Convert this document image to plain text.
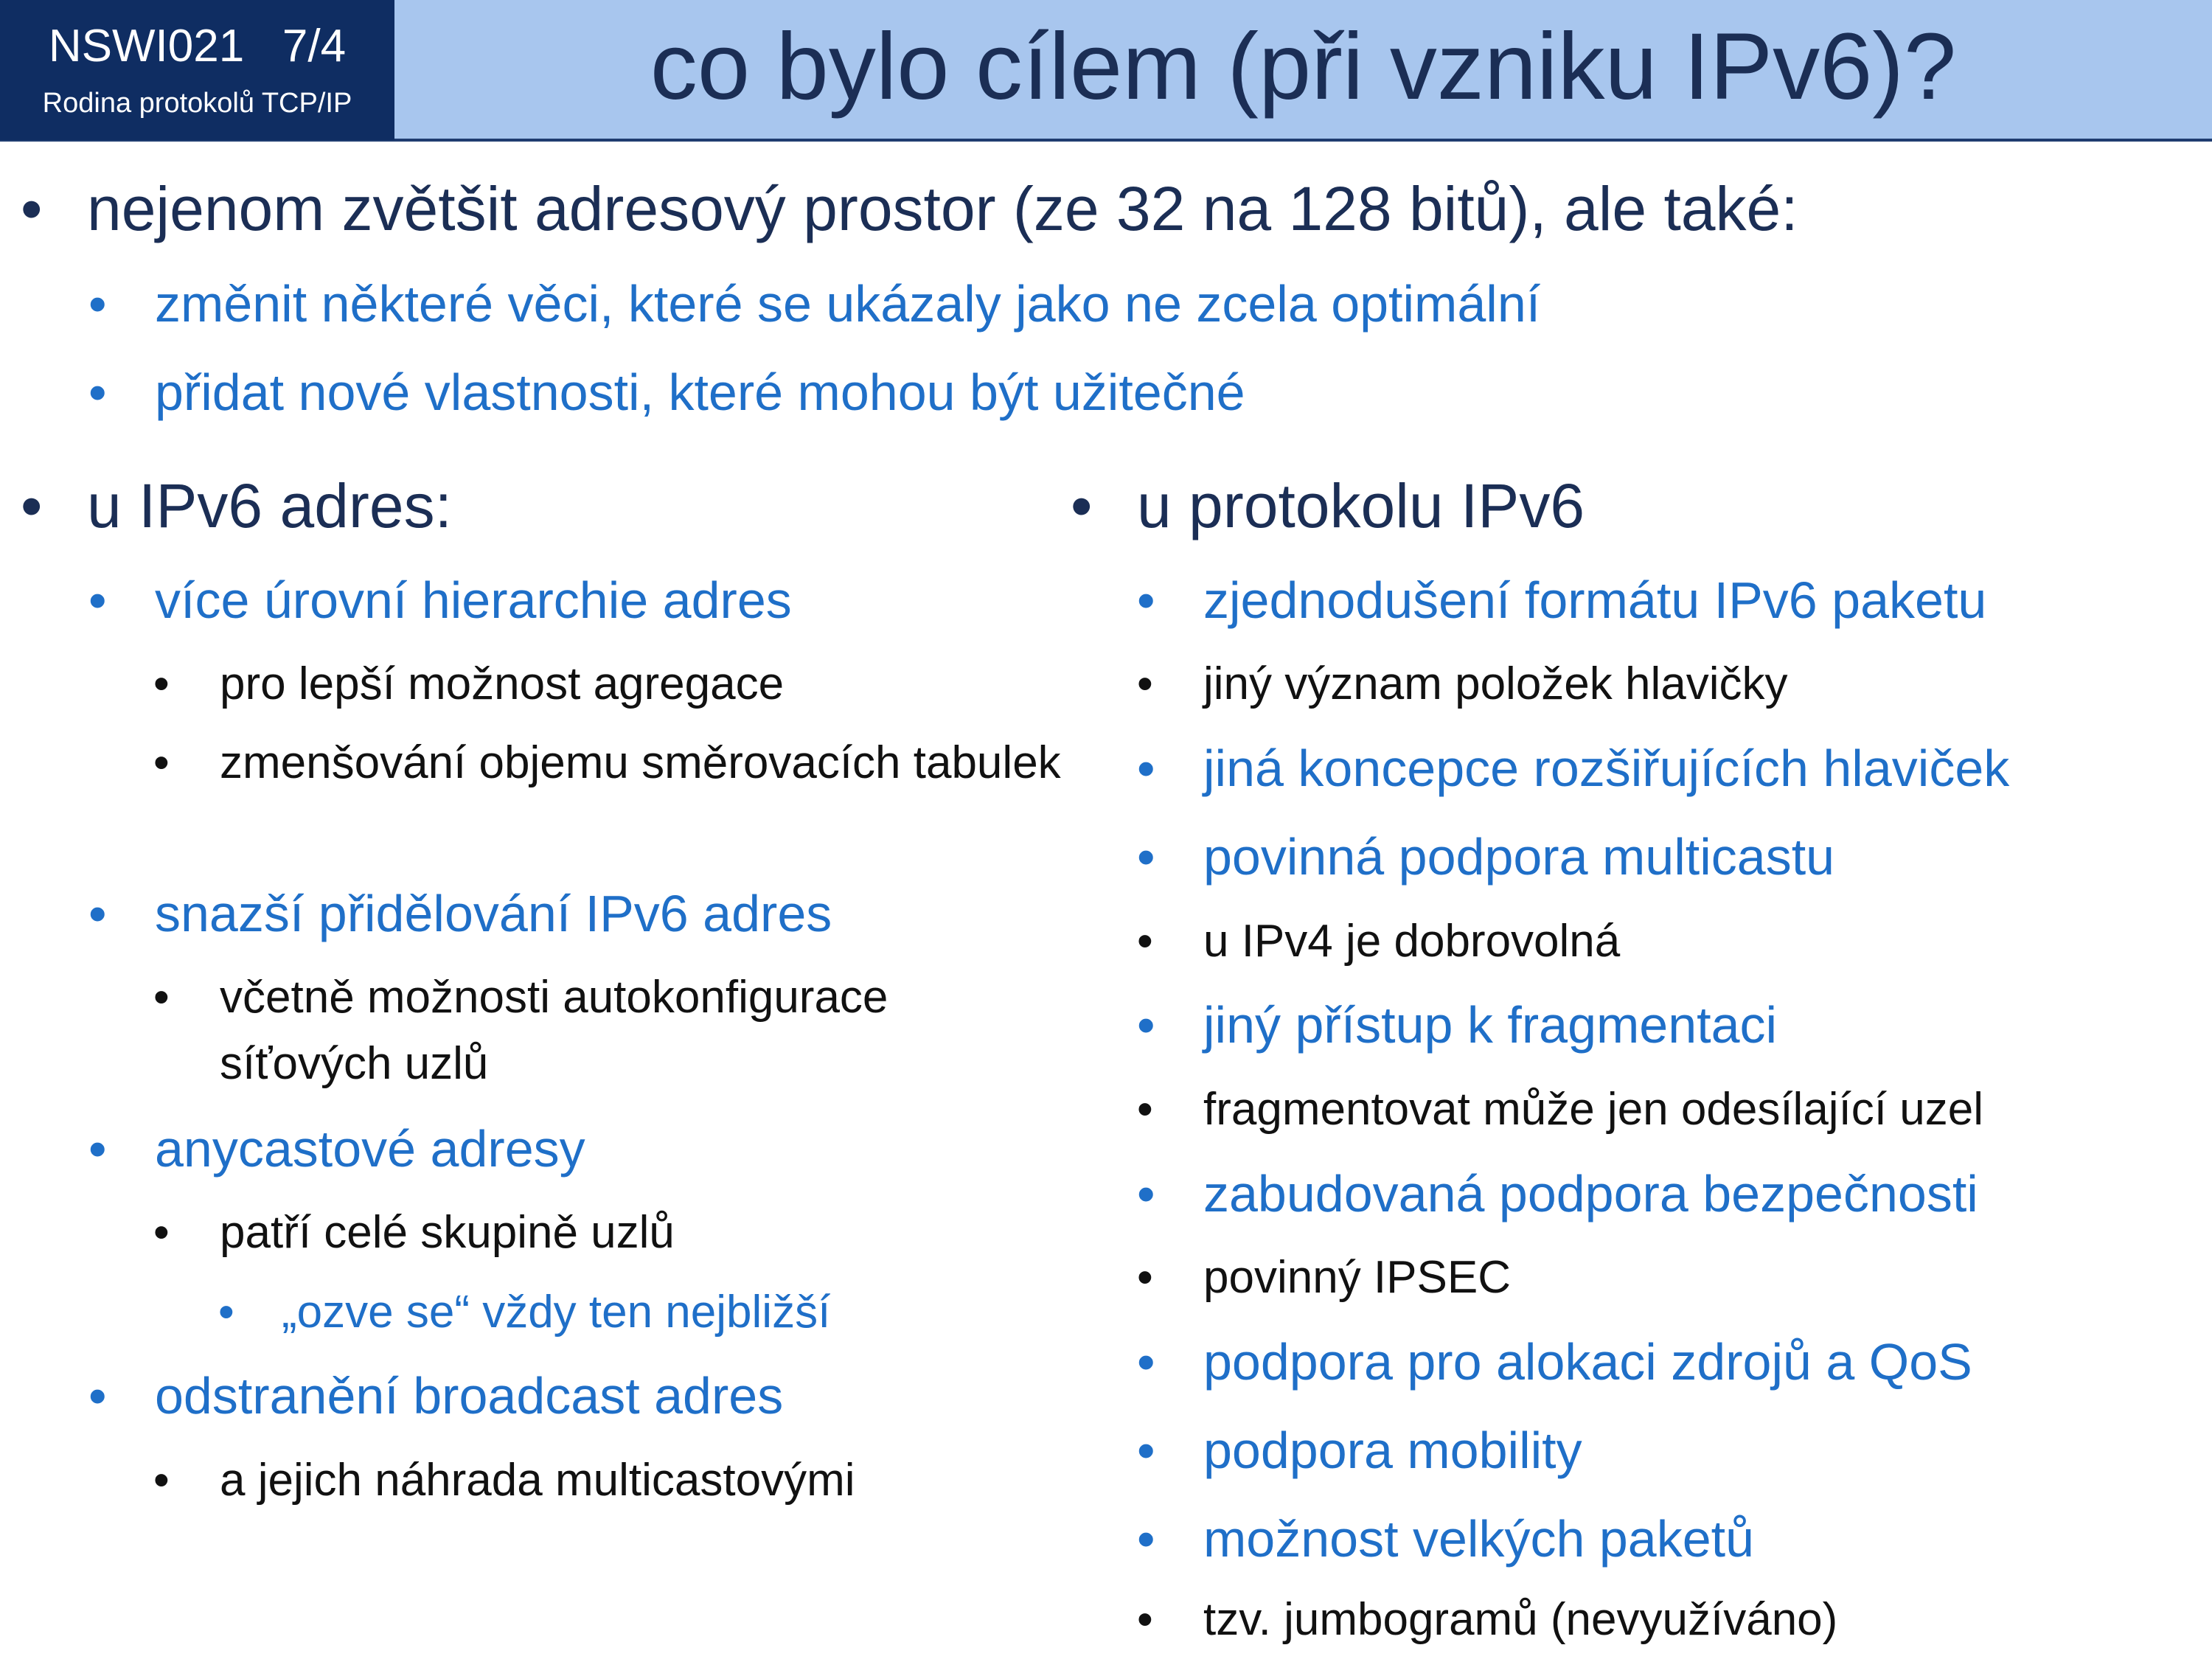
NSWI021   7/4
Rodina protokolů TCP/IP	co bylo cílem (při vzniku IPv6)?
• nejenom zvětšit adresový prostor (ze 32 na 128 bitů), ale také:
• změnit některé věci, které se ukázaly jako ne zcela optimální
• přidat nové vlastnosti, které mohou být užitečné
• u IPv6 adres:
• více úrovní hierarchie adres
• pro lepší možnost agregace
• zmenšování objemu směrovacích tabulek
• snazší přidělování IPv6 adres
• včetně možnosti autokonfigurace síťových uzlů
• anycastové adresy
• patří celé skupině uzlů
• „ozve se“ vždy ten nejbližší
• odstranění broadcast adres
• a jejich náhrada multicastovými
• u protokolu IPv6
• zjednodušení formátu IPv6 paketu
• jiný význam položek hlavičky
• jiná koncepce rozšiřujících hlaviček
• povinná podpora multicastu
• u IPv4 je dobrovolná
• jiný přístup k fragmentaci
• fragmentovat může jen odesílající uzel
• zabudovaná podpora bezpečnosti
• povinný IPSEC
• podpora pro alokaci zdrojů a QoS
• podpora mobility
• možnost velkých paketů
• tzv. jumbogramů (nevyužíváno)
